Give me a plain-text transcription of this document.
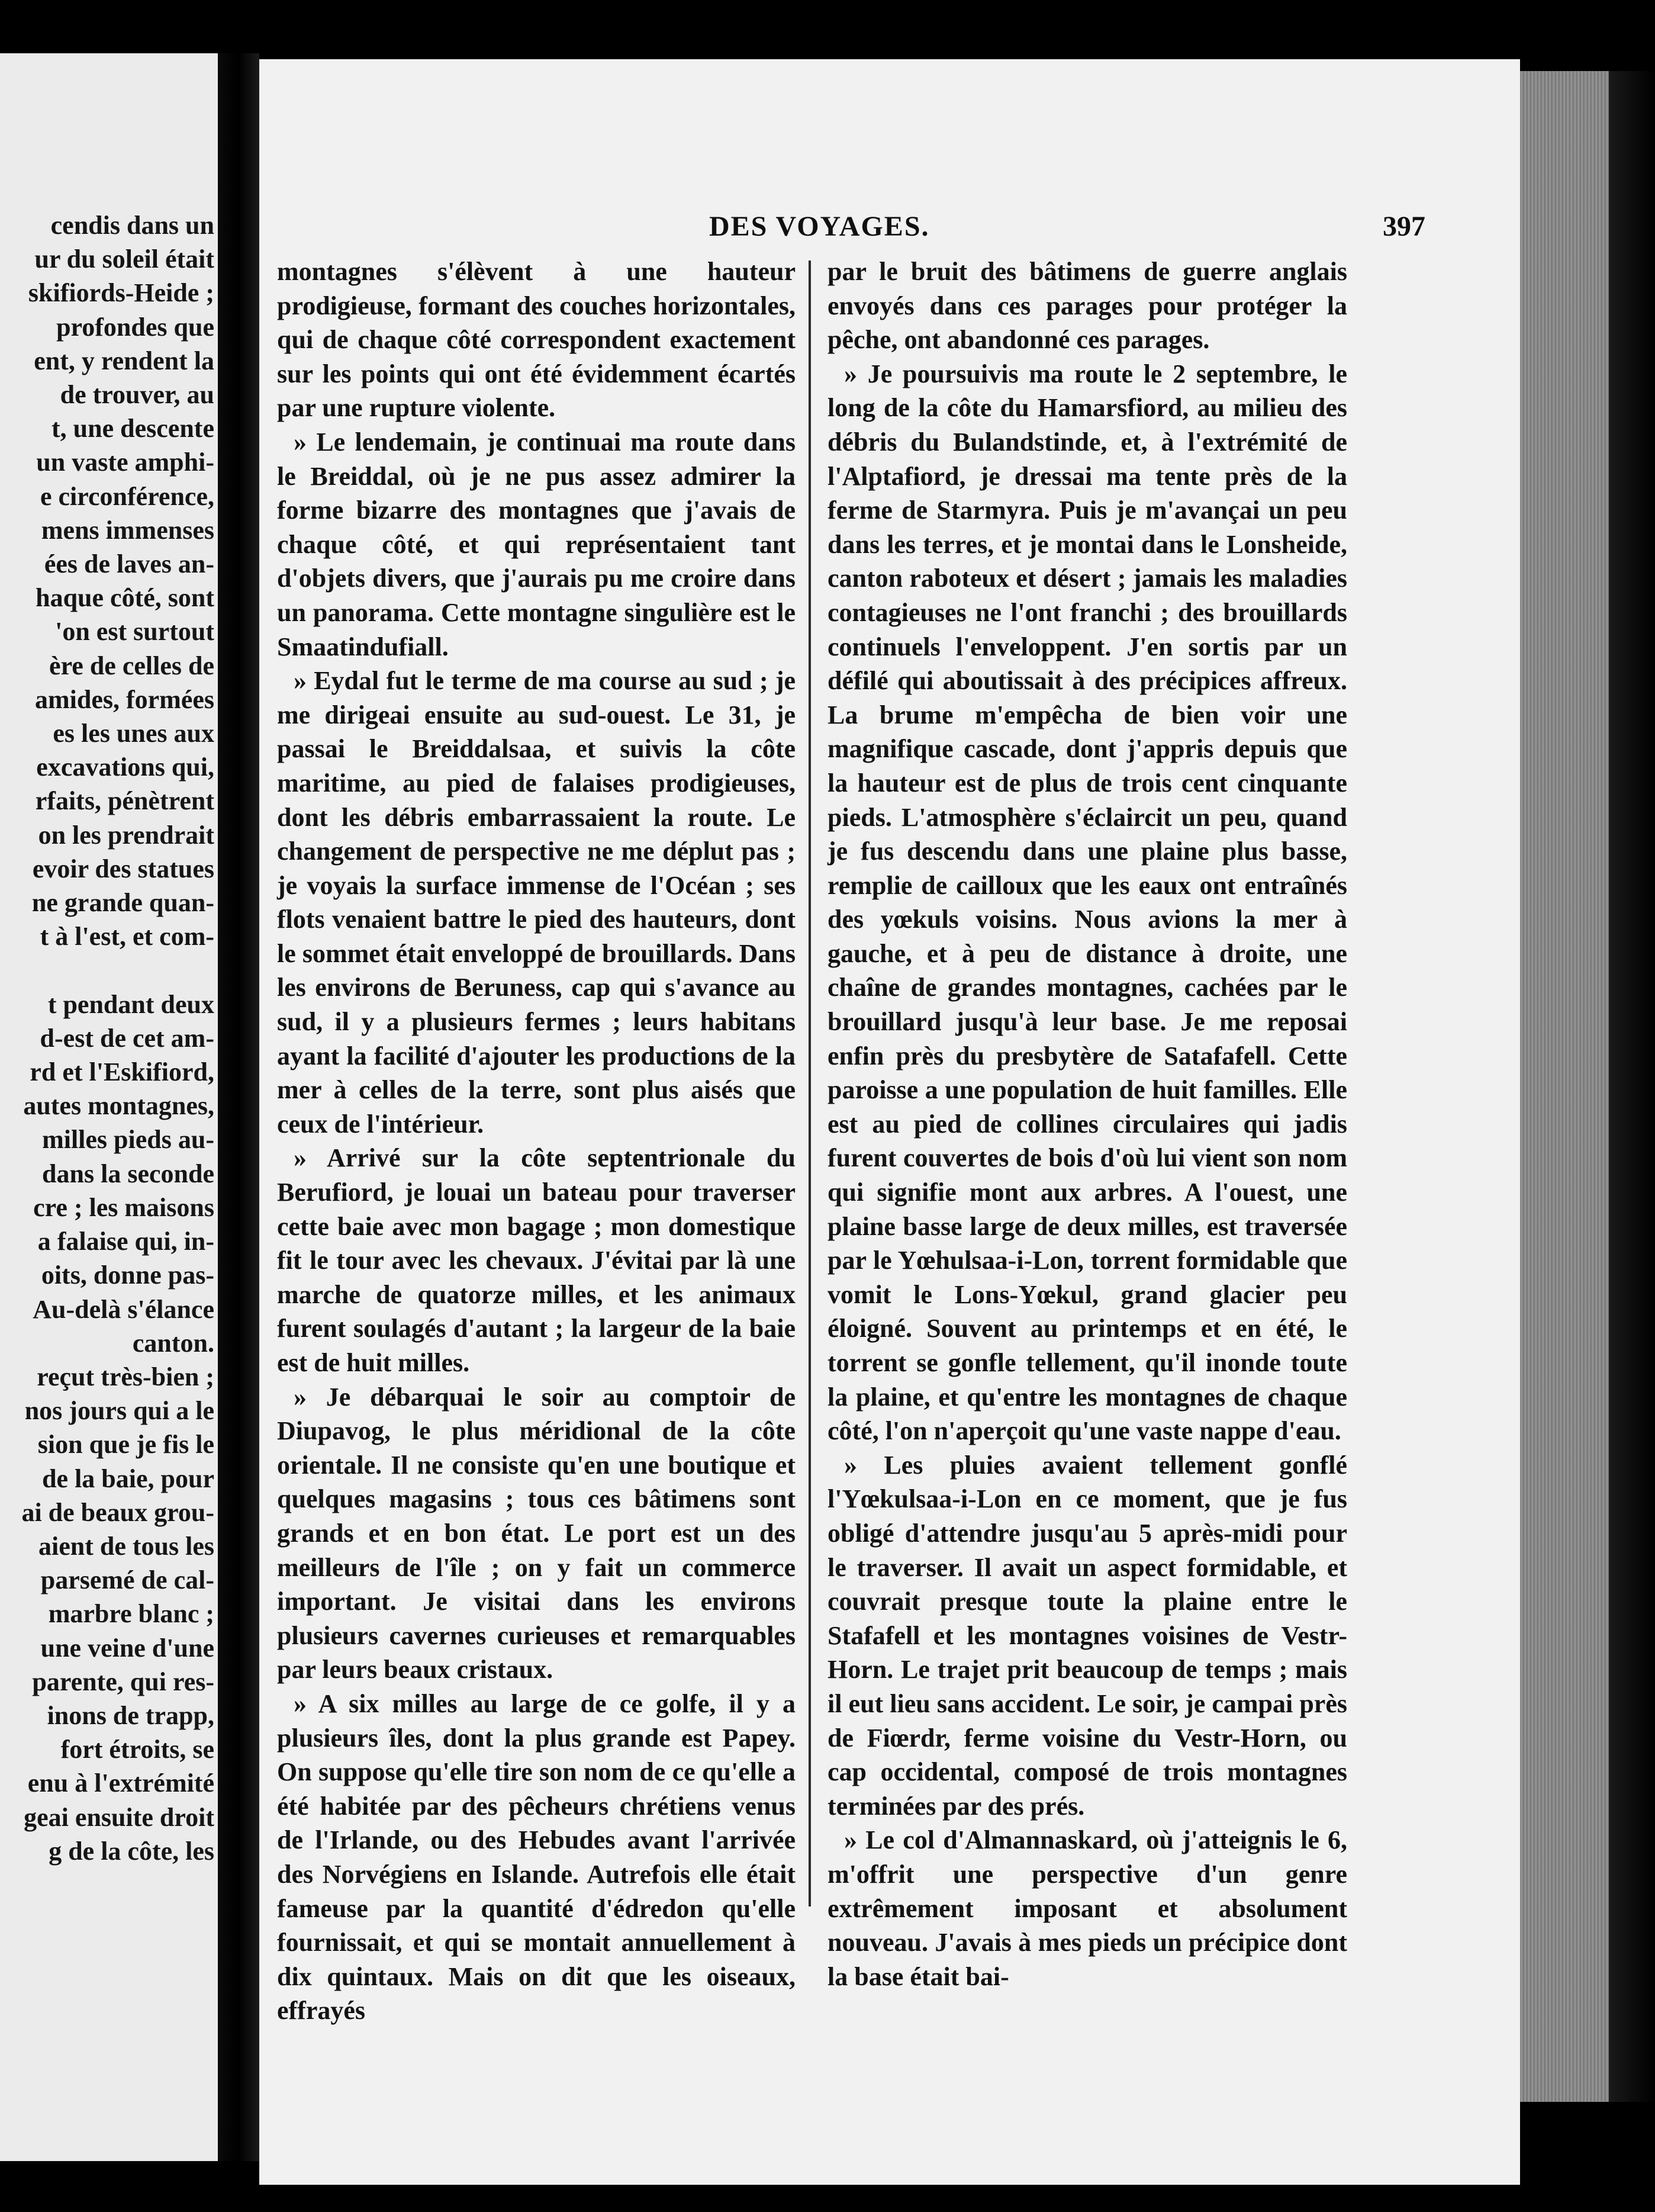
cendis dans un
ur du soleil était
skifiords-Heide ;
profondes que
ent, y rendent la
de trouver, au
t, une descente
un vaste amphi-
e circonférence,
mens immenses
ées de laves an-
haque côté, sont
'on est surtout
ère de celles de
amides, formées
es les unes aux
excavations qui,
rfaits, pénètrent
on les prendrait
evoir des statues
ne grande quan-
t à l'est, et com-

t pendant deux
d-est de cet am-
rd et l'Eskifiord,
autes montagnes,
milles pieds au-
dans la seconde
cre ; les maisons
a falaise qui, in-
oits, donne pas-
Au-delà s'élance
canton.
reçut très-bien ;
nos jours qui a le
sion que je fis le
de la baie, pour
ai de beaux grou-
aient de tous les
parsemé de cal-
marbre blanc ;
une veine d'une
parente, qui res-
inons de trapp,
fort étroits, se
enu à l'extrémité
geai ensuite droit
g de la côte, les
DES VOYAGES.	397

montagnes s'élèvent à une hauteur prodigieuse, formant des couches horizontales, qui de chaque côté correspondent exactement sur les points qui ont été évidemment écartés par une rupture violente.

» Le lendemain, je continuai ma route dans le Breiddal, où je ne pus assez admirer la forme bizarre des montagnes que j'avais de chaque côté, et qui représentaient tant d'objets divers, que j'aurais pu me croire dans un panorama. Cette montagne singulière est le Smaatindufiall.

» Eydal fut le terme de ma course au sud ; je me dirigeai ensuite au sud-ouest. Le 31, je passai le Breiddalsaa, et suivis la côte maritime, au pied de falaises prodigieuses, dont les débris embarrassaient la route. Le changement de perspective ne me déplut pas ; je voyais la surface immense de l'Océan ; ses flots venaient battre le pied des hauteurs, dont le sommet était enveloppé de brouillards. Dans les environs de Beruness, cap qui s'avance au sud, il y a plusieurs fermes ; leurs habitans ayant la facilité d'ajouter les productions de la mer à celles de la terre, sont plus aisés que ceux de l'intérieur.

» Arrivé sur la côte septentrionale du Berufiord, je louai un bateau pour traverser cette baie avec mon bagage ; mon domestique fit le tour avec les chevaux. J'évitai par là une marche de quatorze milles, et les animaux furent soulagés d'autant ; la largeur de la baie est de huit milles.

» Je débarquai le soir au comptoir de Diupavog, le plus méridional de la côte orientale. Il ne consiste qu'en une boutique et quelques magasins ; tous ces bâtimens sont grands et en bon état. Le port est un des meilleurs de l'île ; on y fait un commerce important. Je visitai dans les environs plusieurs cavernes curieuses et remarquables par leurs beaux cristaux.

» A six milles au large de ce golfe, il y a plusieurs îles, dont la plus grande est Papey. On suppose qu'elle tire son nom de ce qu'elle a été habitée par des pêcheurs chrétiens venus de l'Irlande, ou des Hebudes avant l'arrivée des Norvégiens en Islande. Autrefois elle était fameuse par la quantité d'édredon qu'elle fournissait, et qui se montait annuellement à dix quintaux. Mais on dit que les oiseaux, effrayés

par le bruit des bâtimens de guerre anglais envoyés dans ces parages pour protéger la pêche, ont abandonné ces parages.

» Je poursuivis ma route le 2 septembre, le long de la côte du Hamarsfiord, au milieu des débris du Bulandstinde, et, à l'extrémité de l'Alptafiord, je dressai ma tente près de la ferme de Starmyra. Puis je m'avançai un peu dans les terres, et je montai dans le Lonsheide, canton raboteux et désert ; jamais les maladies contagieuses ne l'ont franchi ; des brouillards continuels l'enveloppent. J'en sortis par un défilé qui aboutissait à des précipices affreux. La brume m'empêcha de bien voir une magnifique cascade, dont j'appris depuis que la hauteur est de plus de trois cent cinquante pieds. L'atmosphère s'éclaircit un peu, quand je fus descendu dans une plaine plus basse, remplie de cailloux que les eaux ont entraînés des yœkuls voisins. Nous avions la mer à gauche, et à peu de distance à droite, une chaîne de grandes montagnes, cachées par le brouillard jusqu'à leur base. Je me reposai enfin près du presbytère de Satafafell. Cette paroisse a une population de huit familles. Elle est au pied de collines circulaires qui jadis furent couvertes de bois d'où lui vient son nom qui signifie mont aux arbres. A l'ouest, une plaine basse large de deux milles, est traversée par le Yœhulsaa-i-Lon, torrent formidable que vomit le Lons-Yœkul, grand glacier peu éloigné. Souvent au printemps et en été, le torrent se gonfle tellement, qu'il inonde toute la plaine, et qu'entre les montagnes de chaque côté, l'on n'aperçoit qu'une vaste nappe d'eau.

» Les pluies avaient tellement gonflé l'Yœkulsaa-i-Lon en ce moment, que je fus obligé d'attendre jusqu'au 5 après-midi pour le traverser. Il avait un aspect formidable, et couvrait presque toute la plaine entre le Stafafell et les montagnes voisines de Vestr-Horn. Le trajet prit beaucoup de temps ; mais il eut lieu sans accident. Le soir, je campai près de Fiœrdr, ferme voisine du Vestr-Horn, ou cap occidental, composé de trois montagnes terminées par des prés.

» Le col d'Almannaskard, où j'atteignis le 6, m'offrit une perspective d'un genre extrêmement imposant et absolument nouveau. J'avais à mes pieds un précipice dont la base était bai-
